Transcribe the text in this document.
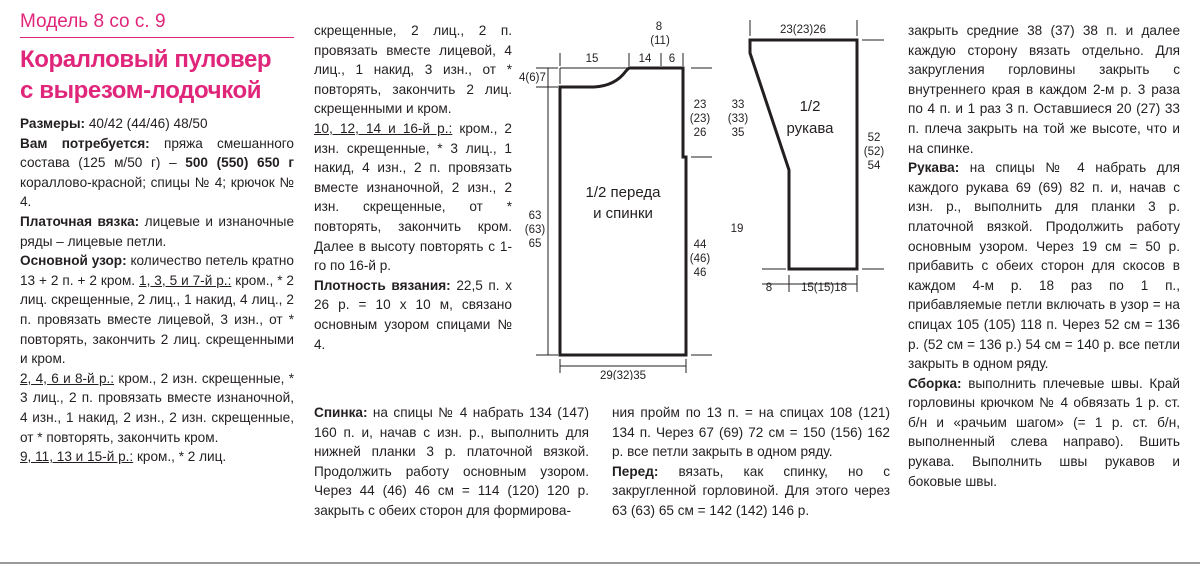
Модель 8 со с. 9

Коралловый пуловер
с вырезом-лодочкой

Размеры: 40/42 (44/46) 48/50

Вам потребуется: пряжа смешанного состава (125 м/50 г) – 500 (550) 650 г коралловo-красной; спицы № 4; крючок № 4.

Платочная вязка: лицевые и изнаночные ряды – лицевые петли.

Основной узор: количество петель кратно 13 + 2 п. + 2 кром. 1, 3, 5 и 7-й р.: кром., * 2 лиц. скрещенные, 2 лиц., 1 накид, 4 лиц., 2 п. провязать вместе лицевой, 3 изн., от * повторять, закончить 2 лиц. скрещенными и кром.

2, 4, 6 и 8-й р.: кром., 2 изн. скрещенные, * 3 лиц., 2 п. провязать вместе изнаночной, 4 изн., 1 накид, 2 изн., 2 изн. скрещенные, от * повторять, закончить кром.

9, 11, 13 и 15-й р.: кром., * 2 лиц.

скрещенные, 2 лиц., 2 п. провязать вместе лицевой, 4 лиц., 1 накид, 3 изн., от * повторять, закончить 2 лиц. скрещенными и кром.

10, 12, 14 и 16-й р.: кром., 2 изн. скрещенные, * 3 лиц., 1 накид, 4 изн., 2 п. провязать вместе изнаночной, 2 изн., 2 изн. скрещенные, от * повторять, закончить кром. Далее в высоту повторять с 1-го по 16-й р.

Плотность вязания: 22,5 п. х 26 р. = 10 х 10 м, связано основным узором спицами № 4.

Спинка: на спицы № 4 набрать 134 (147) 160 п. и, начав с изн. р., выполнить для нижней планки 3 р. платочной вязкой. Продолжить работу основным узором. Через 44 (46) 46 см = 114 (120) 120 р. закрыть с обеих сторон для формирова-

ния пройм по 13 п. = на спицах 108 (121) 134 п. Через 67 (69) 72 см = 150 (156) 162 р. все петли закрыть в одном ряду.

Перед: вязать, как спинку, но с закругленной горловиной. Для этого через 63 (63) 65 см = 142 (142) 146 р.

закрыть средние 38 (37) 38 п. и далее каждую сторону вязать отдельно. Для закругления горловины закрыть с внутреннего края в каждом 2-м р. 3 раза по 4 п. и 1 раз 3 п. Оставшиеся 20 (27) 33 п. плеча закрыть на той же высоте, что и на спинке.

Рукава: на спицы № 4 набрать для каждого рукава 69 (69) 82 п. и, начав с изн. р., выполнить для планки 3 р. платочной вязкой. Продолжить работу основным узором. Через 19 см = 50 р. прибавить с обеих сторон для скосов в каждом 4-м р. 18 раз по 1 п., прибавляемые петли включать в узор = на спицах 105 (105) 118 п. Через 52 см = 136 р. (52 см = 136 р.) 54 см = 140 р. все петли закрыть в одном ряду.

Сборка: выполнить плечевые швы. Край горловины крючком № 4 обвязать 1 р. ст. б/н и «рачьим шагом» (= 1 р. ст. б/н, выполненный слева направо). Вшить рукава. Выполнить швы рукавов и боковые швы.

8
(11)
15	14 6
4(6)7
23
(23)
26
63
(63)
65	44
(46)
46
29(32)35
1/2 переда
и спинки
23(23)26
33
(33)
35
19
52
(52)
54
8	15(15)18
1/2
рукава
